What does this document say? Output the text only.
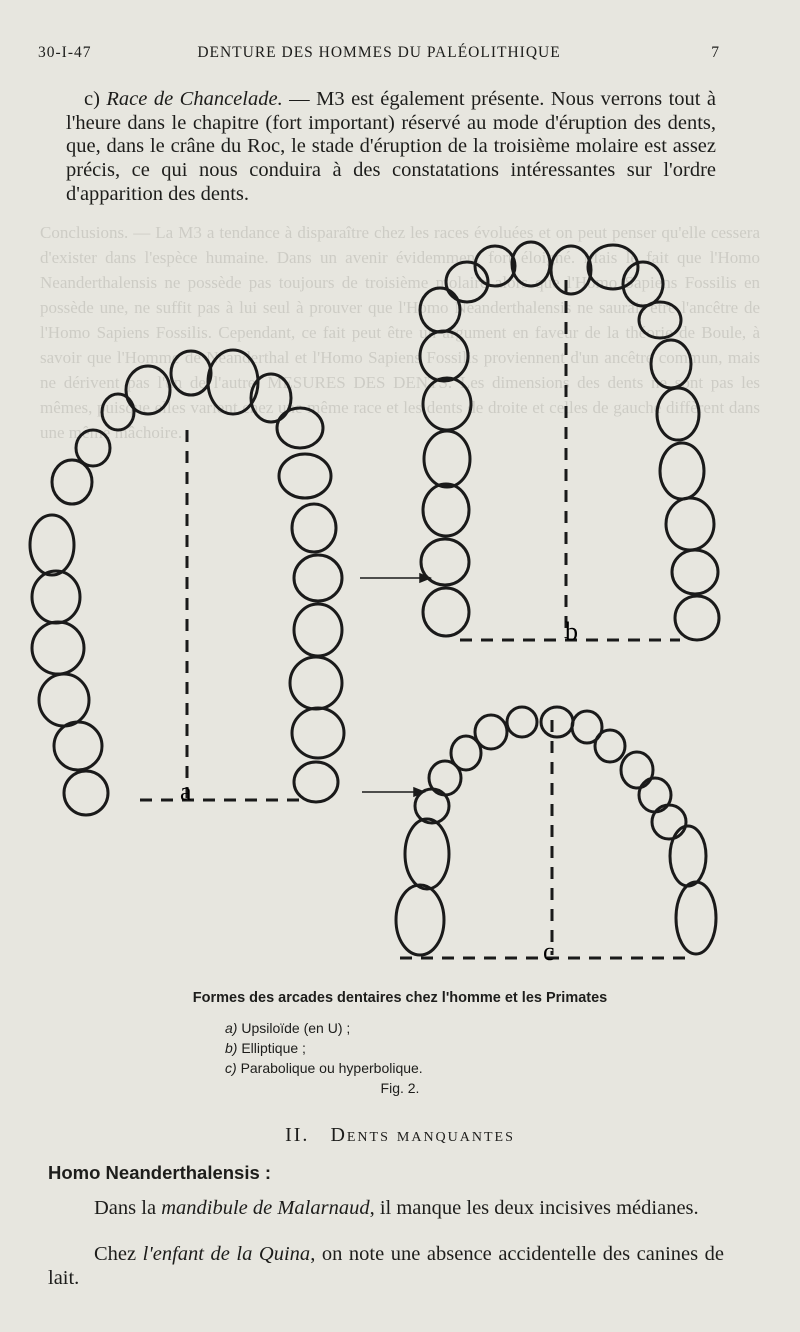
Conclusions. — La M3 a tendance à disparaître chez les races évoluées et on peut penser qu'elle cessera d'exister dans l'espèce humaine. Dans un avenir évidemment fort éloigné. Mais le fait que l'Homo Neanderthalensis ne possède pas toujours de troisième molaire alors que l'Homo Sapiens Fossilis en possède une, ne suffit pas à lui seul à prouver que l'Homo Neanderthalensis ne saurait être l'ancêtre de l'Homo Sapiens Fossilis. Cependant, ce fait peut être un argument en faveur de la théorie de Boule, à savoir que l'Homme de Neanderthal et l'Homo Sapiens Fossilis proviennent d'un ancêtre commun, mais ne dérivent pas l'un de l'autre. MESURES DES DENTS. Les dimensions des dents ne sont pas les mêmes, puisque elles varient chez une même race et les dents de droite et celles de gauche diffèrent dans une même mâchoire.
30-I-47	DENTURE DES HOMMES DU PALÉOLITHIQUE	7
c) Race de Chancelade. — M3 est également présente. Nous verrons tout à l'heure dans le chapitre (fort important) réservé au mode d'éruption des dents, que, dans le crâne du Roc, le stade d'éruption de la troisième molaire est assez précis, ce qui nous conduira à des constatations intéressantes sur l'ordre d'apparition des dents.
a
b
c
Formes des arcades dentaires chez l'homme et les Primates
a) Upsiloïde (en U) ;
b) Elliptique ;
c) Parabolique ou hyperbolique.
Fig. 2.
II. Dents manquantes
Homo Neanderthalensis :
Dans la mandibule de Malarnaud, il manque les deux incisives médianes.
Chez l'enfant de la Quina, on note une absence accidentelle des canines de lait.
